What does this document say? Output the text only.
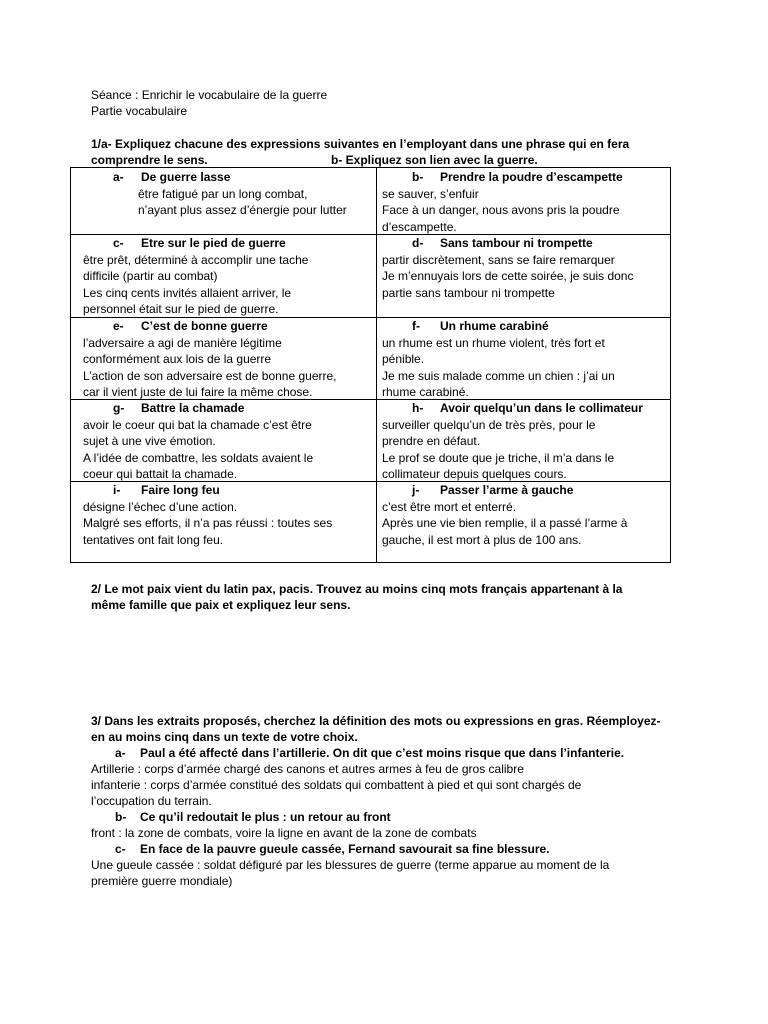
Séance : Enrichir le vocabulaire de la guerre
Partie vocabulaire
1/a- Expliquez chacune des expressions suivantes en l’employant dans une phrase qui en fera
comprendre le sens.	b- Expliquez son lien avec la guerre.
a- De guerre lasse
être fatigué par un long combat,
n’ayant plus assez d’énergie pour lutter
b- Prendre la poudre d’escampette
se sauver, s’enfuir
Face à un danger, nous avons pris la poudre
d’escampette.
c- Etre sur le pied de guerre
être prêt, déterminé à accomplir une tache
difficile (partir au combat)
Les cinq cents invités allaient arriver, le
personnel était sur le pied de guerre.
d- Sans tambour ni trompette
partir discrètement, sans se faire remarquer
Je m’ennuyais lors de cette soirée, je suis donc
partie sans tambour ni trompette
e- C’est de bonne guerre
l’adversaire a agi de manière légitime
conformément aux lois de la guerre
L’action de son adversaire est de bonne guerre,
car il vient juste de lui faire la même chose.
f- Un rhume carabiné
un rhume est un rhume violent, très fort et
pénible.
Je me suis malade comme un chien : j’ai un
rhume carabiné.
g- Battre la chamade
avoir le coeur qui bat la chamade c’est être
sujet à une vive émotion.
A l’idée de combattre, les soldats avaient le
coeur qui battait la chamade.
h- Avoir quelqu’un dans le collimateur
surveiller quelqu’un de très près, pour le
prendre en défaut.
Le prof se doute que je triche, il m’a dans le
collimateur depuis quelques cours.
i- Faire long feu
désigne l’échec d’une action.
Malgré ses efforts, il n’a pas réussi : toutes ses
tentatives ont fait long feu.
j- Passer l’arme à gauche
c’est être mort et enterré.
Après une vie bien remplie, il a passé l’arme à
gauche, il est mort à plus de 100 ans.
2/ Le mot paix vient du latin pax, pacis. Trouvez au moins cinq mots français appartenant à la
même famille que paix et expliquez leur sens.
3/ Dans les extraits proposés, cherchez la définition des mots ou expressions en gras. Réemployez-
en au moins cinq dans un texte de votre choix.
a- Paul a été affecté dans l’artillerie. On dit que c’est moins risque que dans l’infanterie.
Artillerie : corps d’armée chargé des canons et autres armes à feu de gros calibre
infanterie : corps d’armée constitué des soldats qui combattent à pied et qui sont chargés de
l’occupation du terrain.
b- Ce qu’il redoutait le plus : un retour au front
front : la zone de combats, voire la ligne en avant de la zone de combats
c- En face de la pauvre gueule cassée, Fernand savourait sa fine blessure.
Une gueule cassée : soldat défiguré par les blessures de guerre (terme apparue au moment de la
première guerre mondiale)
